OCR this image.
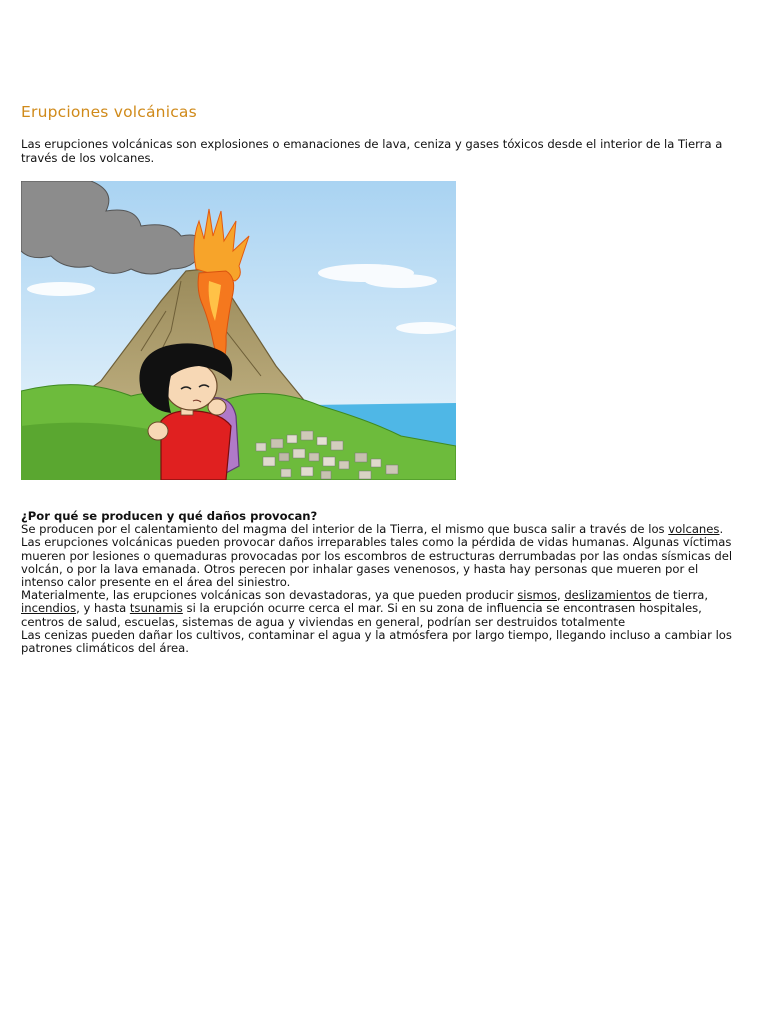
Erupciones volcánicas

Las erupciones volcánicas son explosiones o emanaciones de lava, ceniza y gases tóxicos desde el interior de la Tierra a través de los volcanes.

¿Por qué se producen y qué daños provocan?

Se producen por el calentamiento del magma del interior de la Tierra, el mismo que busca salir a través de los volcanes.

Las erupciones volcánicas pueden provocar daños irreparables tales como la pérdida de vidas humanas. Algunas víctimas mueren por lesiones o quemaduras provocadas por los escombros de estructuras derrumbadas por las ondas sísmicas del volcán, o por la lava emanada. Otros perecen por inhalar gases venenosos, y hasta hay personas que mueren por el intenso calor presente en el área del siniestro.

Materialmente, las erupciones volcánicas son devastadoras, ya que pueden producir sismos, deslizamientos de tierra, incendios, y hasta tsunamis si la erupción ocurre cerca el mar. Si en su zona de influencia se encontrasen hospitales, centros de salud, escuelas, sistemas de agua y viviendas en general, podrían ser destruidos totalmente

Las cenizas pueden dañar los cultivos, contaminar el agua y la atmósfera por largo tiempo, llegando incluso a cambiar los patrones climáticos del área.
